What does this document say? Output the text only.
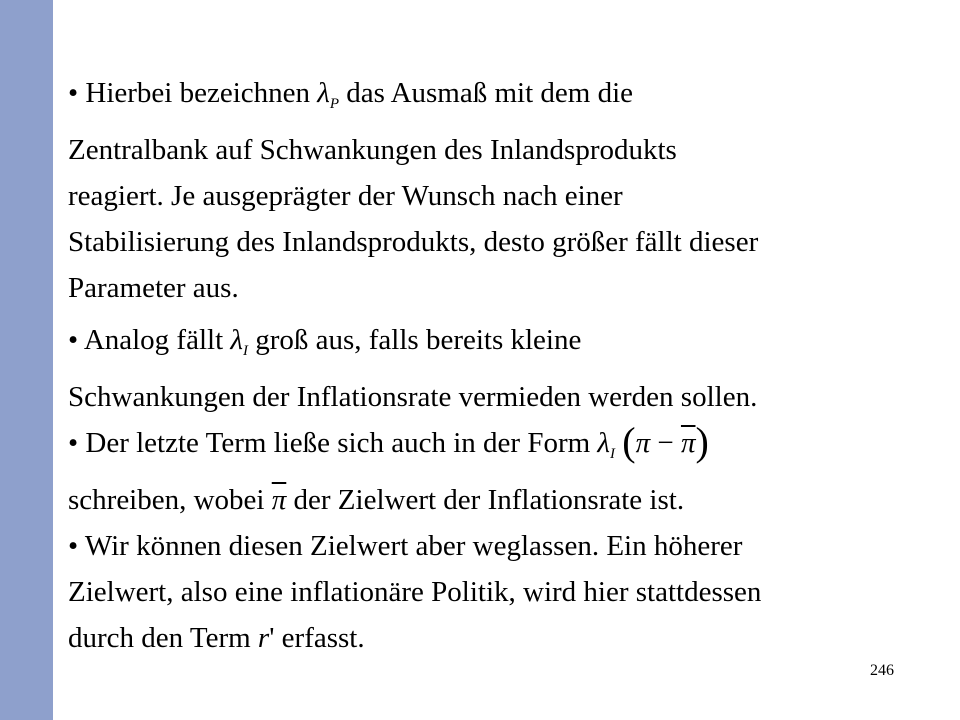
• Hierbei bezeichnen $\lambda_P$ das Ausmaß mit dem die
Zentralbank auf Schwankungen des Inlandsprodukts
reagiert. Je ausgeprägter der Wunsch nach einer
Stabilisierung des Inlandsprodukts, desto größer fällt dieser
Parameter aus.
• Analog fällt $\lambda_I$ groß aus, falls bereits kleine
Schwankungen der Inflationsrate vermieden werden sollen.
• Der letzte Term ließe sich auch in der Form $\lambda_I$ $(\pi - \overline{\pi})$
schreiben, wobei $\overline{\pi}$ der Zielwert der Inflationsrate ist.
• Wir können diesen Zielwert aber weglassen. Ein höherer
Zielwert, also eine inflationäre Politik, wird hier stattdessen
durch den Term r' erfasst.
246
